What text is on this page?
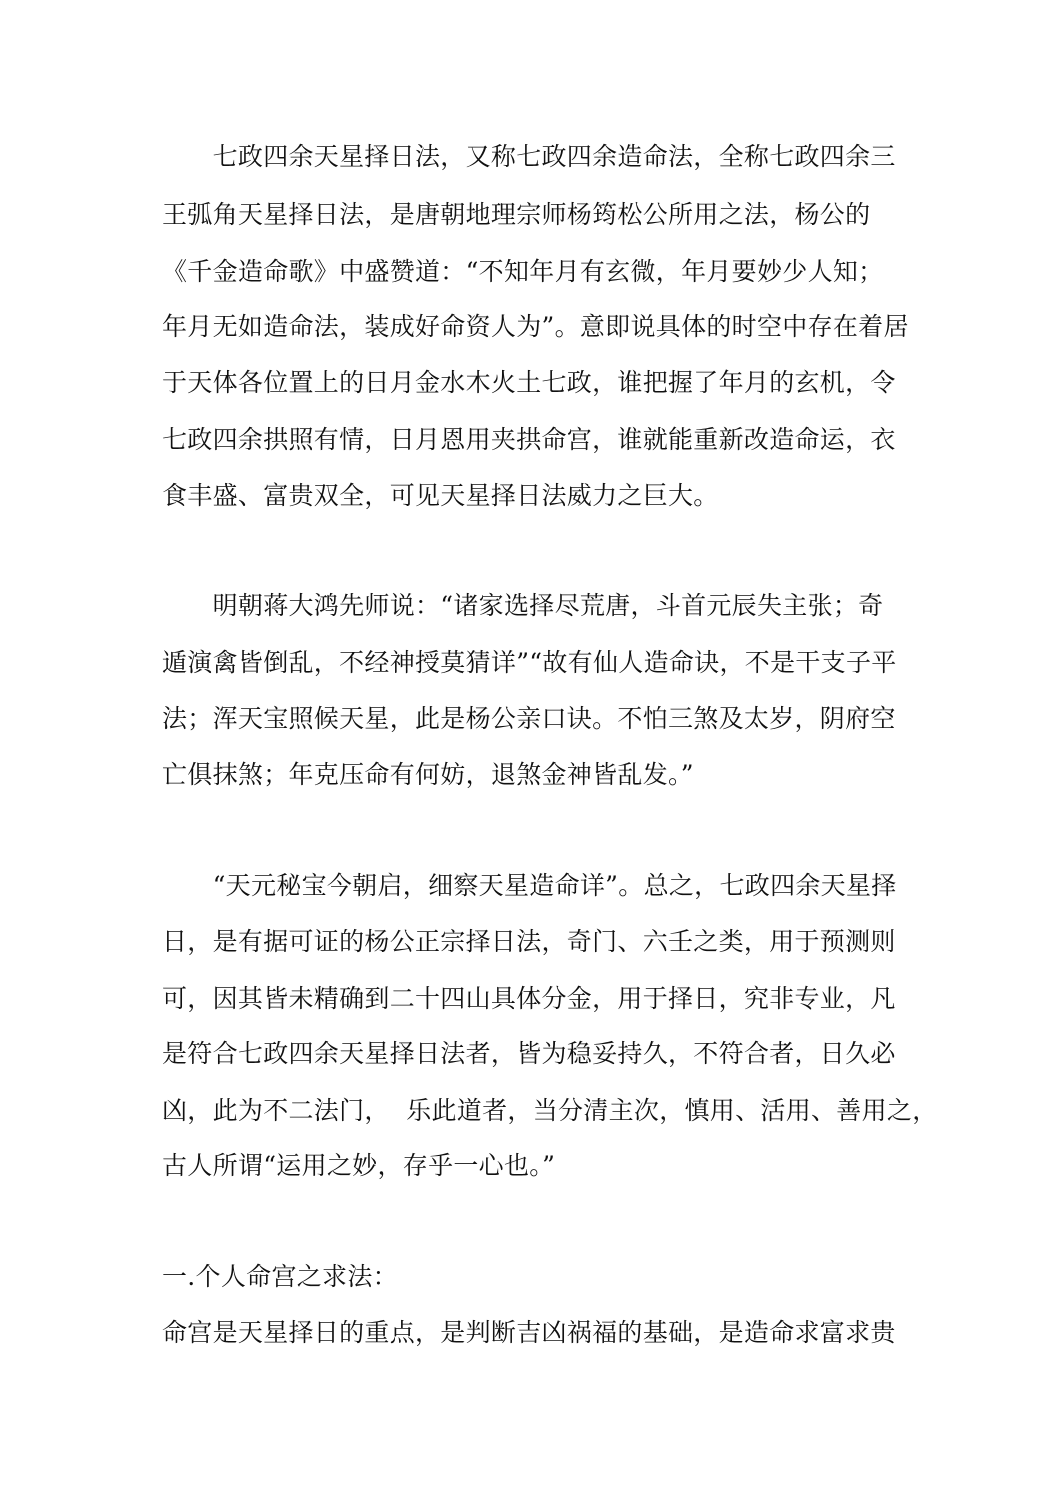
　　七政四余天星择日法，又称七政四余造命法，全称七政四余三
王弧角天星择日法，是唐朝地理宗师杨筠松公所用之法，杨公的
《千金造命歌》中盛赞道：“不知年月有玄微，年月要妙少人知；
年月无如造命法，装成好命资人为”。意即说具体的时空中存在着居
于天体各位置上的日月金水木火土七政，谁把握了年月的玄机，令
七政四余拱照有情，日月恩用夹拱命宫，谁就能重新改造命运，衣
食丰盛、富贵双全，可见天星择日法威力之巨大。
　　明朝蒋大鸿先师说：“诸家选择尽荒唐，斗首元辰失主张；奇
遁演禽皆倒乱，不经神授莫猜详”“故有仙人造命诀，不是干支子平
法；浑天宝照候天星，此是杨公亲口诀。不怕三煞及太岁，阴府空
亡俱抹煞；年克压命有何妨，退煞金神皆乱发。”
　　“天元秘宝今朝启，细察天星造命详”。总之，七政四余天星择
日，是有据可证的杨公正宗择日法，奇门、六壬之类，用于预测则
可，因其皆未精确到二十四山具体分金，用于择日，究非专业，凡
是符合七政四余天星择日法者，皆为稳妥持久，不符合者，日久必
凶，此为不二法门，  乐此道者，当分清主次，慎用、活用、善用之，
古人所谓“运用之妙，存乎一心也。”
一.个人命宫之求法：
命宫是天星择日的重点，是判断吉凶祸福的基础，是造命求富求贵
